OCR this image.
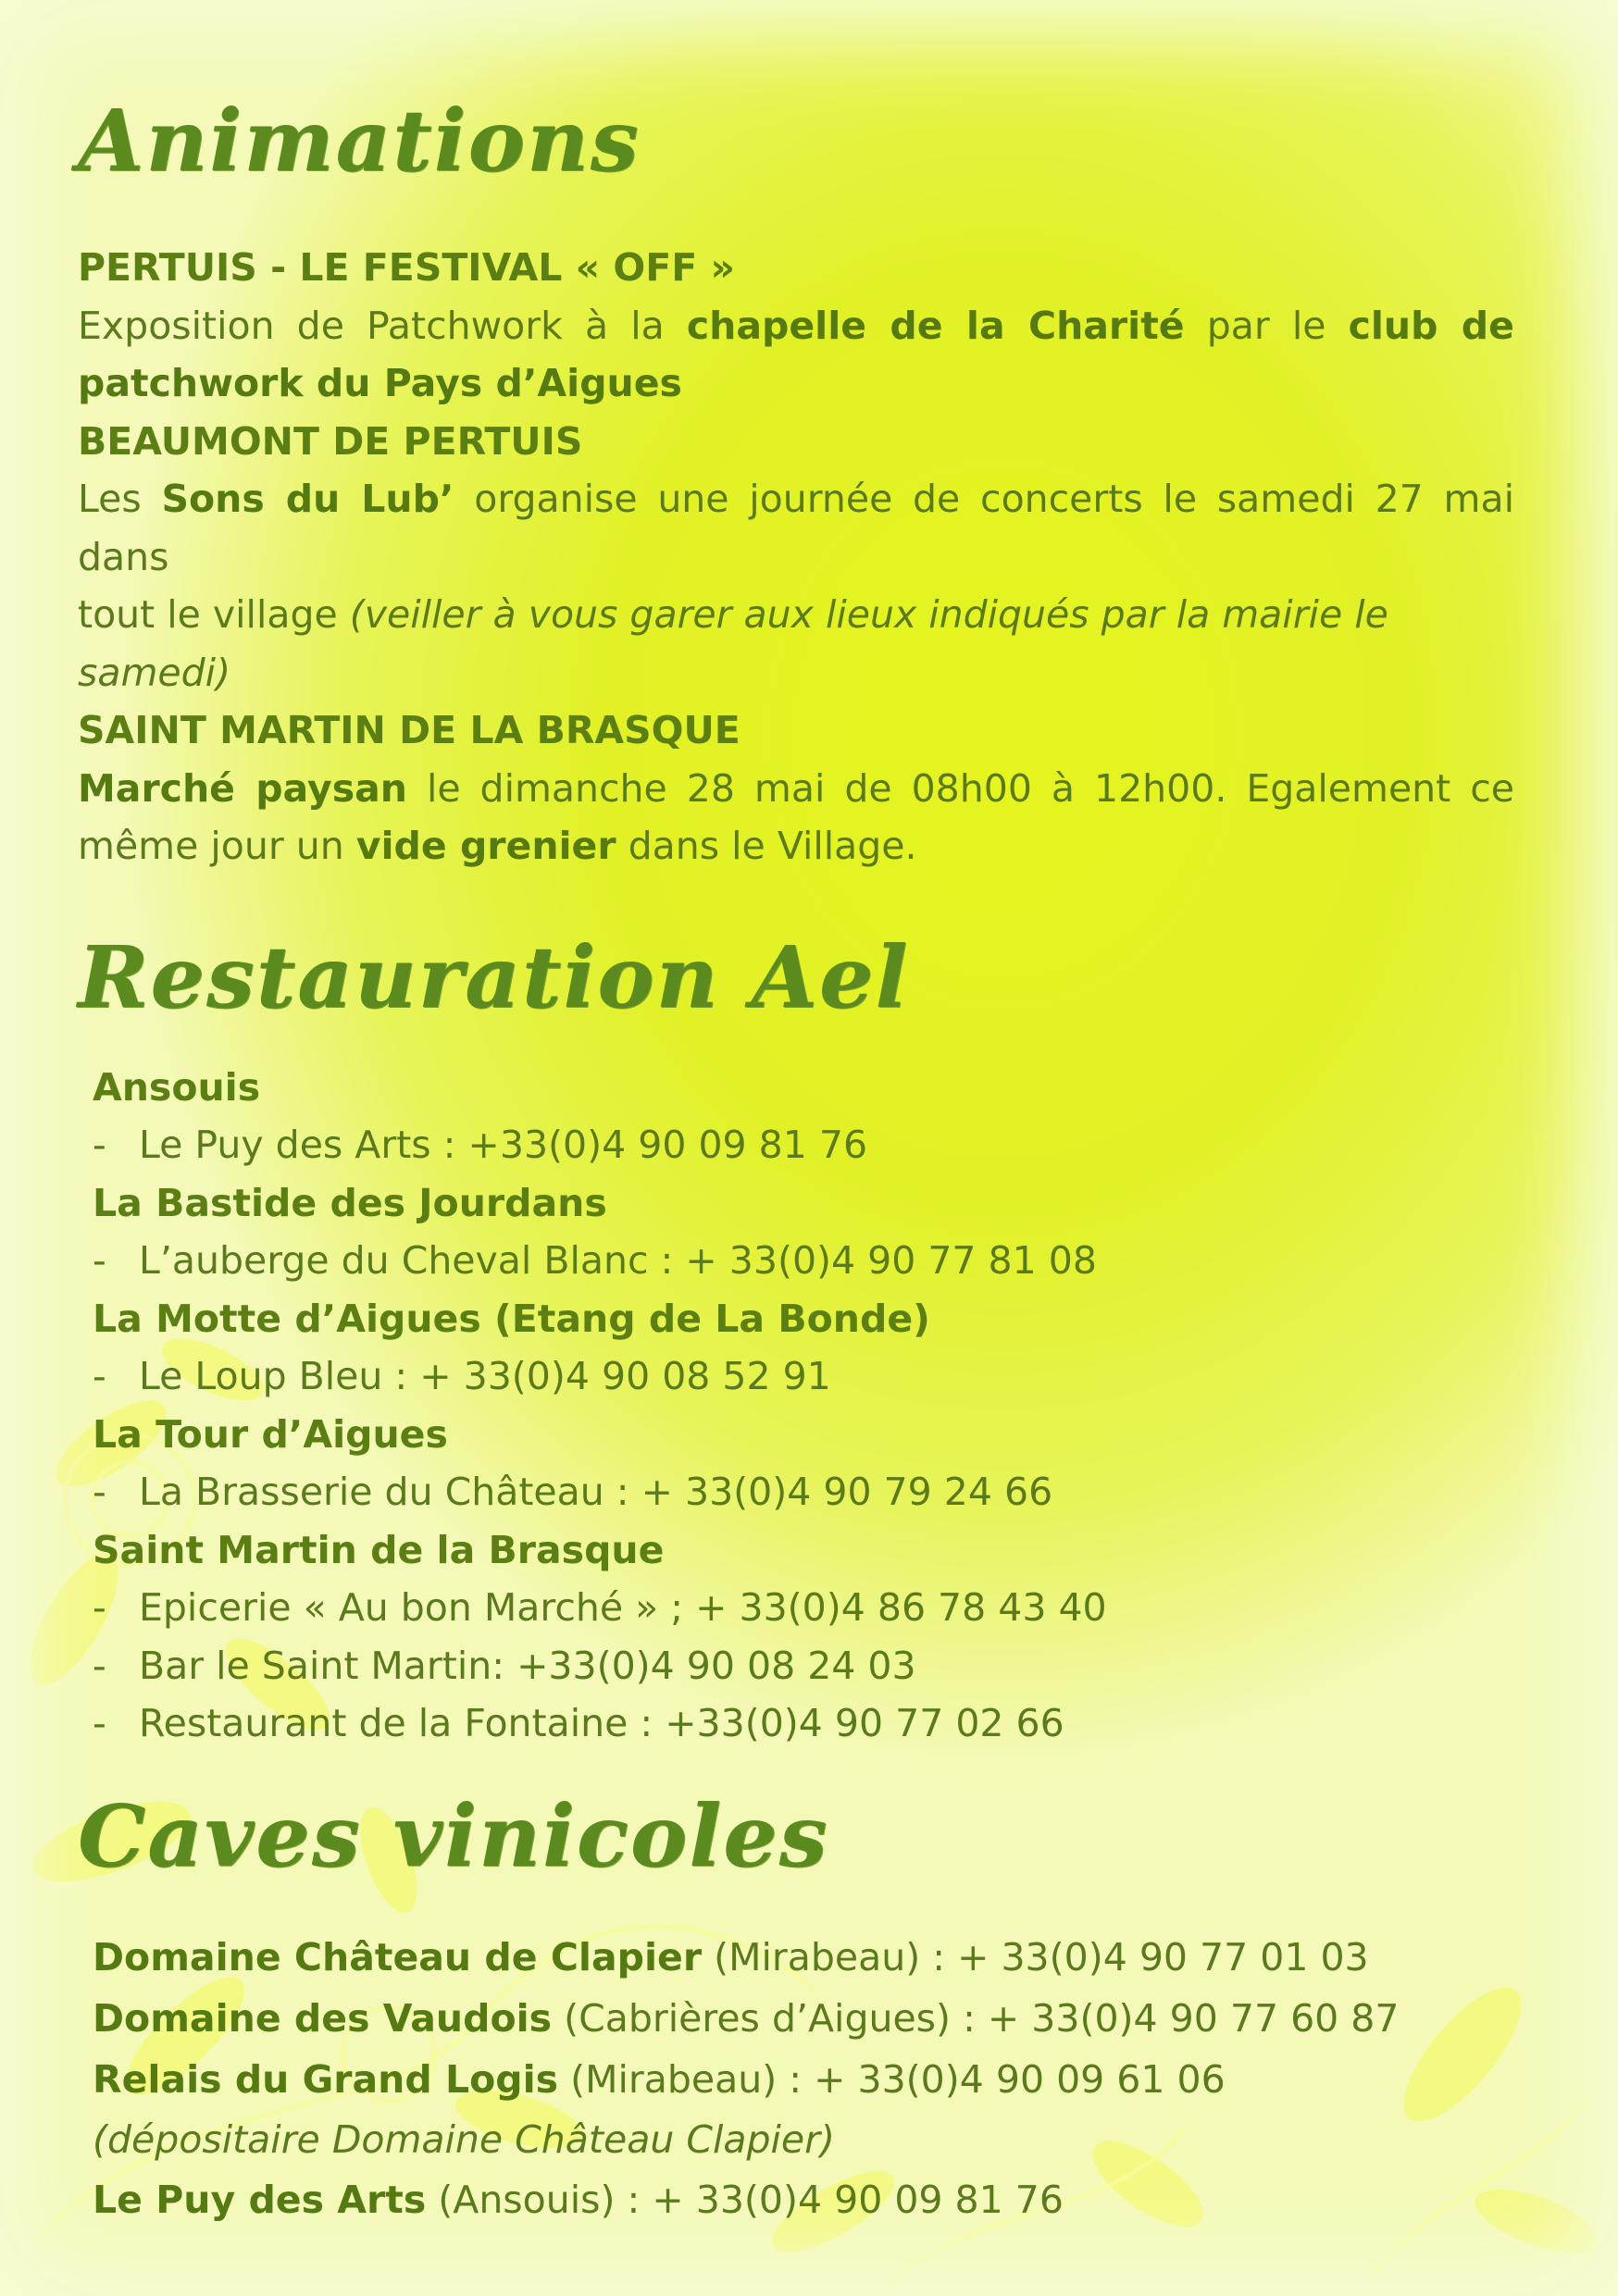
Animations
PERTUIS - LE FESTIVAL « OFF »
Exposition de Patchwork à la chapelle de la Charité par le club de
patchwork du Pays d’Aigues
BEAUMONT DE PERTUIS
Les Sons du Lub’ organise une journée de concerts le samedi 27 mai dans
tout le village (veiller à vous garer aux lieux indiqués par la mairie le samedi)
SAINT MARTIN DE LA BRASQUE
Marché paysan le dimanche 28 mai de 08h00 à 12h00. Egalement ce
même jour un vide grenier dans le Village.
Restauration Ael
Ansouis
- Le Puy des Arts : +33(0)4 90 09 81 76
La Bastide des Jourdans
- L’auberge du Cheval Blanc : + 33(0)4 90 77 81 08
La Motte d’Aigues (Etang de La Bonde)
- Le Loup Bleu : + 33(0)4 90 08 52 91
La Tour d’Aigues
- La Brasserie du Château : + 33(0)4 90 79 24 66
Saint Martin de la Brasque
- Epicerie « Au bon Marché » ; + 33(0)4 86 78 43 40
- Bar le Saint Martin: +33(0)4 90 08 24 03
- Restaurant de la Fontaine : +33(0)4 90 77 02 66
Caves vinicoles
Domaine Château de Clapier (Mirabeau) : + 33(0)4 90 77 01 03
Domaine des Vaudois (Cabrières d’Aigues) : + 33(0)4 90 77 60 87
Relais du Grand Logis (Mirabeau) : + 33(0)4 90 09 61 06
(dépositaire Domaine Château Clapier)
Le Puy des Arts (Ansouis) : + 33(0)4 90 09 81 76
